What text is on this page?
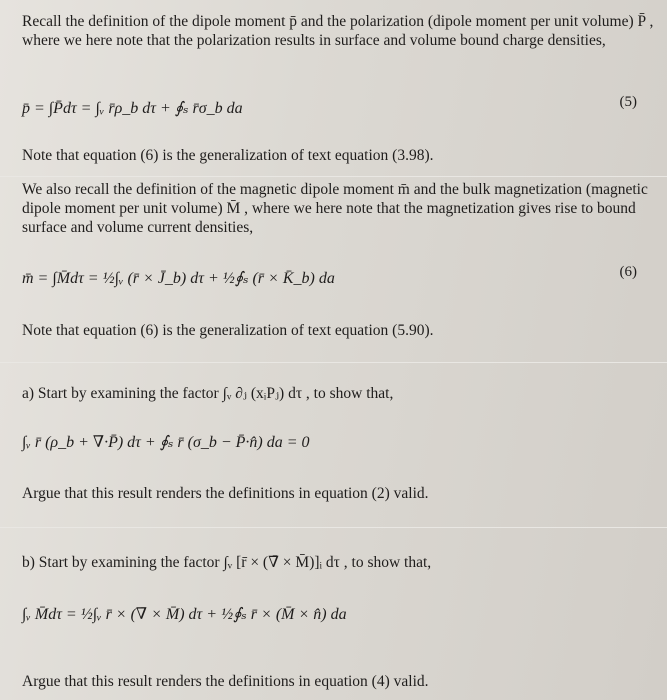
Recall the definition of the dipole moment p̄ and the polarization (dipole moment per unit volume) P̄ , where we here note that the polarization results in surface and volume bound charge densities,
p̄ = ∫P̄dτ = ∫ᵥ r̄ρ_b dτ + ∮ₛ r̄σ_b da	(5)
Note that equation (6) is the generalization of text equation (3.98).
We also recall the definition of the magnetic dipole moment m̄ and the bulk magnetization (magnetic dipole moment per unit volume) M̄ , where we here note that the magnetization gives rise to bound surface and volume current densities,
m̄ = ∫M̄dτ = ½∫ᵥ (r̄ × J̄_b) dτ + ½∮ₛ (r̄ × K̄_b) da	(6)
Note that equation (6) is the generalization of text equation (5.90).
a) Start by examining the factor ∫ᵥ ∂ⱼ (xᵢPⱼ) dτ , to show that,
∫ᵥ r̄ (ρ_b + ∇̄·P̄) dτ + ∮ₛ r̄ (σ_b − P̄·n̂) da = 0
Argue that this result renders the definitions in equation (2) valid.
b) Start by examining the factor ∫ᵥ [r̄ × (∇̄ × M̄)]ᵢ dτ , to show that,
∫ᵥ M̄dτ = ½∫ᵥ r̄ × (∇̄ × M̄) dτ + ½∮ₛ r̄ × (M̄ × n̂) da
Argue that this result renders the definitions in equation (4) valid.
